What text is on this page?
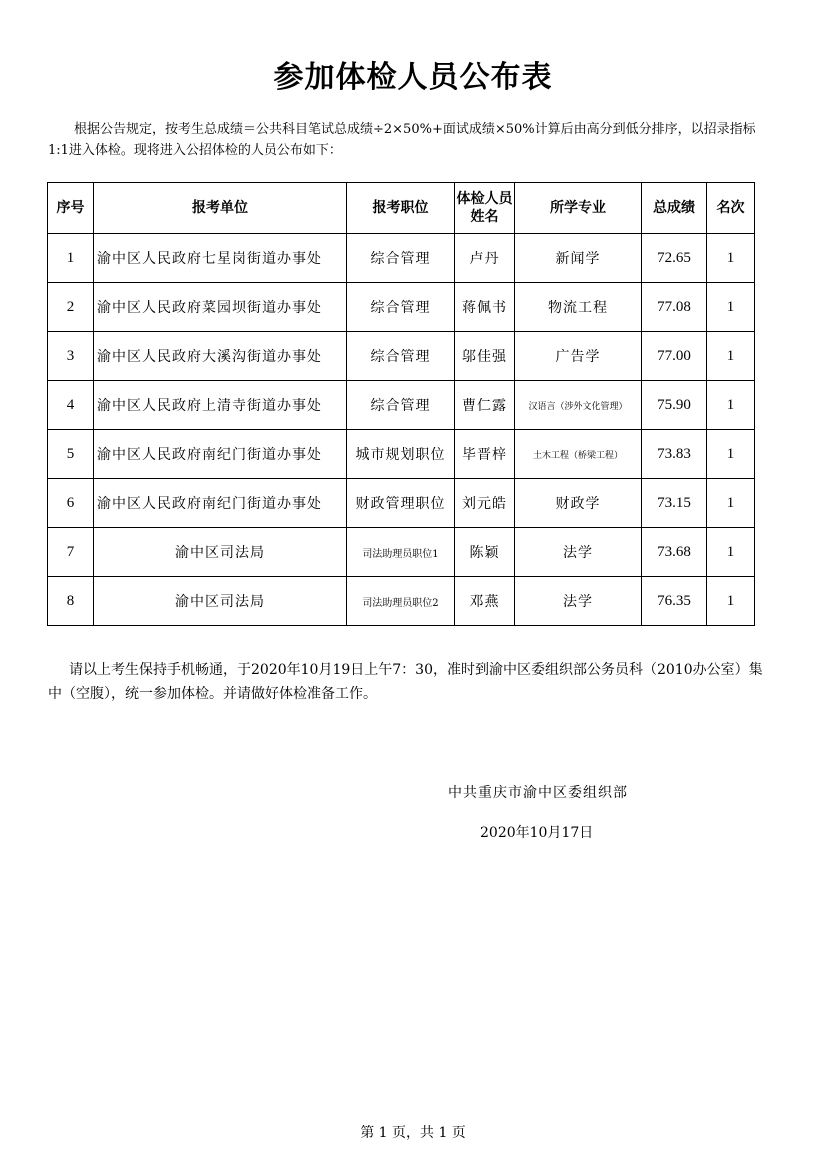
参加体检人员公布表
根据公告规定，按考生总成绩＝公共科目笔试总成绩÷2×50%+面试成绩×50%计算后由高分到低分排序，以招录指标1:1进入体检。现将进入公招体检的人员公布如下：
序号	报考单位	报考职位	体检人员姓名	所学专业	总成绩	名次
1	渝中区人民政府七星岗街道办事处	综合管理	卢丹	新闻学	72.65	1
2	渝中区人民政府菜园坝街道办事处	综合管理	蒋佩书	物流工程	77.08	1
3	渝中区人民政府大溪沟街道办事处	综合管理	邬佳强	广告学	77.00	1
4	渝中区人民政府上清寺街道办事处	综合管理	曹仁露	汉语言（涉外文化管理）	75.90	1
5	渝中区人民政府南纪门街道办事处	城市规划职位	毕晋梓	土木工程（桥梁工程）	73.83	1
6	渝中区人民政府南纪门街道办事处	财政管理职位	刘元皓	财政学	73.15	1
7	渝中区司法局	司法助理员职位1	陈颖	法学	73.68	1
8	渝中区司法局	司法助理员职位2	邓燕	法学	76.35	1
请以上考生保持手机畅通，于2020年10月19日上午7：30，准时到渝中区委组织部公务员科（2010办公室）集中（空腹），统一参加体检。并请做好体检准备工作。
中共重庆市渝中区委组织部
2020年10月17日
第 1 页，共 1 页
